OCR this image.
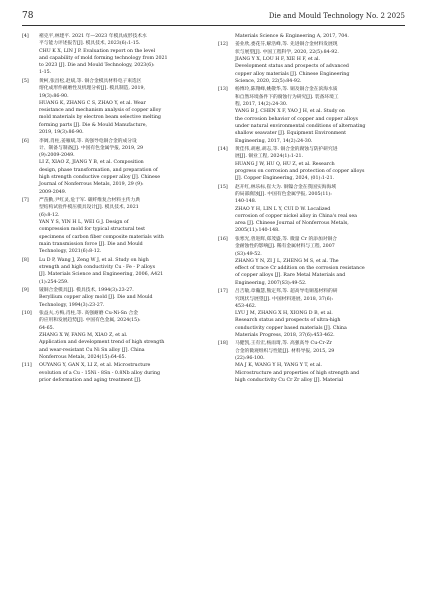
78	Die and Mould Technology No. 2 2025
[4] 褚克平,林建平. 2021 年—2023 年模具成形技术水
平与能力评述报告[J]. 模具技术, 2023(6):1-15.
CHU K X, LIN J P. Evaluation report on the level
and capability of mold forming technology from 2021
to 2023 [J]. Die and Mould Technology, 2023(6):
1-15.
[5] 黄柯,张昌松,赵斌,等. 铜合金模具材料电子束选区
熔化成形件耐磨性及机理分析[J]. 模具制造, 2019,
19(3):86-90.
HUANG K, ZHANG C S, ZHAO Y, et al. Wear
resistance and mechanism analysis of copper alloy
mold materials by electron beam selective melting
forming parts [J]. Die & Mould Manufacture,
2019, 19(3):86-90.
[6] 李阔,肖柱,姜雁斌,等. 高强导电铜合金的成分设
计、制备与制备[J]. 中国有色金属学报, 2019, 29
(9):2009-2049.
LI Z, XIAO Z, JIANG Y B, et al. Composition
design, phase transformation, and preparation of
high strength conductive copper alloy [J]. Chinese
Journal of Nonferrous Metals, 2019, 29 (9):
2009-2049.
[7] 严苗勤,尹红灵,危于军. 碳纤维复合材料主传力典
型结构试验件模压模具设计[J]. 模具技术, 2021
(6):8-12.
YAN Y S, YIN H L, WEI G J. Design of
compression mold for typical structural test
specimens of carbon fiber composite materials with
main transmission force [J]. Die and Mould
Technology, 2021(6):8-12.
[8] Lu D P, Wang J, Zeng W J, et al. Study on high
strength and high conductivity Cu - Fe - P alloys
[J]. Materials Science and Engineering, 2006, A421
(1):254-259.
[9] 铍铜合金模具[J]. 模具技术, 1994(3):23-27.
Beryllium copper alloy mold [J]. Die and Mould
Technology, 1994(3):23-27.
[10] 张益夫,方梅,肖柱,等. 高强耐磨 Cu-Ni-Sn 合金
的应用和发展趋势[J]. 中国有色金属, 2024(15):
64-65.
ZHANG X W, FANG M, XIAO Z, et al.
Application and development trend of high strength
and wear-resistant Cu Ni Sn alloy [J]. China
Nonferrous Metals, 2024(15):64-65.
[11] OUYANG Y, GAN X, LI Z, et al. Microstructure
evolution of a Cu - 15Ni - 8Sn - 0.8Nb alloy during
prior deformation and aging treatment [J].
Materials Science & Engineering A, 2017, 704.
[12] 姜业欣,娄花芬,解浩峰,等. 先进铜合金材料发展现
状与展望[J]. 中国工程科学, 2020, 22(5):84-92.
JIANG Y X, LOU H F, XIE H F, et al.
Development status and prospects of advanced
copper alloy materials [J]. Chinese Engineering
Science, 2020, 22(5):84-92.
[13] 杨博玲,陈翔峰,姚敬华,等. 铜及铜合金在滨海水质
和自然环境条件下的腐蚀行为研究[J]. 装备环境工
程, 2017, 14(2):24-30.
YANG B J, CHEN X F, YAO J H, et al. Study on
the corrosion behavior of copper and copper alloys
under natural environmental conditions of alternating
shallow seawater [J]. Equipment Environment
Engineering, 2017, 14(2):24-30.
[14] 黄佳伟,胡惠,胡志,等. 铜合金的腐蚀与防护研究进
展[J]. 铜业工程, 2024(1):1-21.
HUANG J W, HU Q, HU Z, et al. Research
progress on corrosion and protection of copper alloys
[J]. Copper Engineering, 2024, (01):1-21.
[15] 赵开红,林乐标,崔大为. 铜镍合金在我国实海海域
的局部腐蚀[J]. 中国有色金属学报, 2005(11):
140-148.
ZHAO Y H, LIN L Y, CUI D W. Localized
corrosion of copper nickel alloy in China's real sea
area [J]. Chinese Journal of Nonferrous Metals,
2005(11):140-148.
[16] 张寒光,曾进辉,郑茂盛,等. 微量 Cr 的添加对铜合
金耐蚀性的影响[J]. 稀有金属材料与工程, 2007
(S3):49-52.
ZHANG Y N, ZI J L, ZHENG M S, et al. The
effect of trace Cr addition on the corrosion resistance
of copper alloys [J]. Rare Metal Materials and
Engineering, 2007(S3):49-52.
[17] 吕吉敏,章瀚慧,熊定邦,等. 超高导电铜基材料的研
究现状与展望[J]. 中国材料进展, 2018, 37(6):
453-462.
LYU J M, ZHANG X H, XIONG D B, et al.
Research status and prospects of ultra-high
conductivity copper based materials [J]. China
Materials Progress, 2018, 37(6):453-462.
[18] 马健凯,王有宏,杨雨琦,等. 高强高导 Cu-Cr-Zr
合金的微观组织与性能[J]. 材料导报, 2015, 29
(22):96-100.
MA J K, WANG Y H, YANG Y T, et al.
Microstructure and properties of high strength and
high conductivity Cu Cr Zr alloy [J]. Material
